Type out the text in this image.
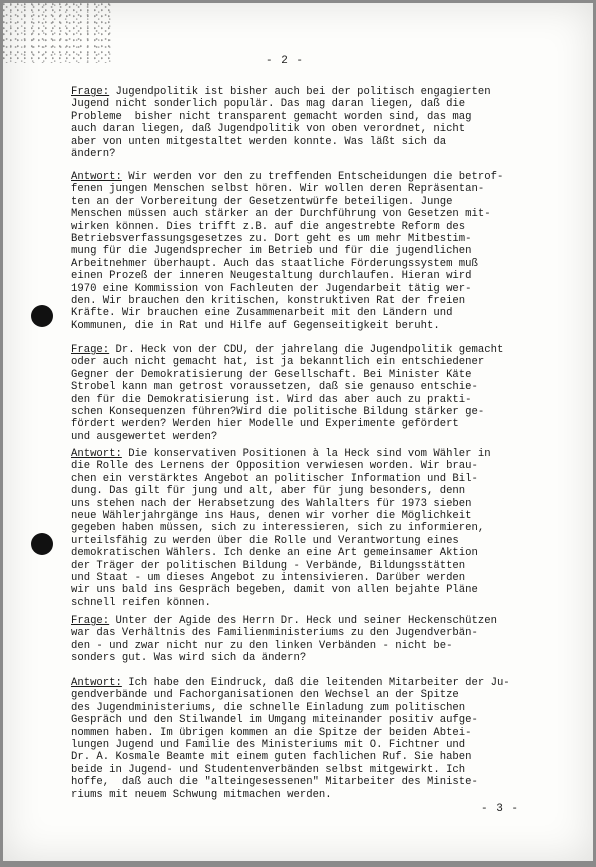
- 2 -
Frage: Jugendpolitik ist bisher auch bei der politisch engagierten
Jugend nicht sonderlich populär. Das mag daran liegen, daß die
Probleme  bisher nicht transparent gemacht worden sind, das mag
auch daran liegen, daß Jugendpolitik von oben verordnet, nicht
aber von unten mitgestaltet werden konnte. Was läßt sich da
ändern?
Antwort: Wir werden vor den zu treffenden Entscheidungen die betrof-
fenen jungen Menschen selbst hören. Wir wollen deren Repräsentan-
ten an der Vorbereitung der Gesetzentwürfe beteiligen. Junge
Menschen müssen auch stärker an der Durchführung von Gesetzen mit-
wirken können. Dies trifft z.B. auf die angestrebte Reform des
Betriebsverfassungsgesetzes zu. Dort geht es um mehr Mitbestim-
mung für die Jugendsprecher im Betrieb und für die jugendlichen
Arbeitnehmer überhaupt. Auch das staatliche Förderungssystem muß
einen Prozeß der inneren Neugestaltung durchlaufen. Hieran wird
1970 eine Kommission von Fachleuten der Jugendarbeit tätig wer-
den. Wir brauchen den kritischen, konstruktiven Rat der freien
Kräfte. Wir brauchen eine Zusammenarbeit mit den Ländern und
Kommunen, die in Rat und Hilfe auf Gegenseitigkeit beruht.
Frage: Dr. Heck von der CDU, der jahrelang die Jugendpolitik gemacht
oder auch nicht gemacht hat, ist ja bekanntlich ein entschiedener
Gegner der Demokratisierung der Gesellschaft. Bei Minister Käte
Strobel kann man getrost voraussetzen, daß sie genauso entschie-
den für die Demokratisierung ist. Wird das aber auch zu prakti-
schen Konsequenzen führen?Wird die politische Bildung stärker ge-
fördert werden? Werden hier Modelle und Experimente gefördert
und ausgewertet werden?
Antwort: Die konservativen Positionen à la Heck sind vom Wähler in
die Rolle des Lernens der Opposition verwiesen worden. Wir brau-
chen ein verstärktes Angebot an politischer Information und Bil-
dung. Das gilt für jung und alt, aber für jung besonders, denn
uns stehen nach der Herabsetzung des Wahlalters für 1973 sieben
neue Wählerjahrgänge ins Haus, denen wir vorher die Möglichkeit
gegeben haben müssen, sich zu interessieren, sich zu informieren,
urteilsfähig zu werden über die Rolle und Verantwortung eines
demokratischen Wählers. Ich denke an eine Art gemeinsamer Aktion
der Träger der politischen Bildung - Verbände, Bildungsstätten
und Staat - um dieses Angebot zu intensivieren. Darüber werden
wir uns bald ins Gespräch begeben, damit von allen bejahte Pläne
schnell reifen können.
Frage: Unter der Ägide des Herrn Dr. Heck und seiner Heckenschützen
war das Verhältnis des Familienministeriums zu den Jugendverbän-
den - und zwar nicht nur zu den linken Verbänden - nicht be-
sonders gut. Was wird sich da ändern?
Antwort: Ich habe den Eindruck, daß die leitenden Mitarbeiter der Ju-
gendverbände und Fachorganisationen den Wechsel an der Spitze
des Jugendministeriums, die schnelle Einladung zum politischen
Gespräch und den Stilwandel im Umgang miteinander positiv aufge-
nommen haben. Im übrigen kommen an die Spitze der beiden Abtei-
lungen Jugend und Familie des Ministeriums mit O. Fichtner und
Dr. A. Kosmale Beamte mit einem guten fachlichen Ruf. Sie haben
beide in Jugend- und Studentenverbänden selbst mitgewirkt. Ich
hoffe,  daß auch die "alteingesessenen" Mitarbeiter des Ministe-
riums mit neuem Schwung mitmachen werden.
- 3 -
